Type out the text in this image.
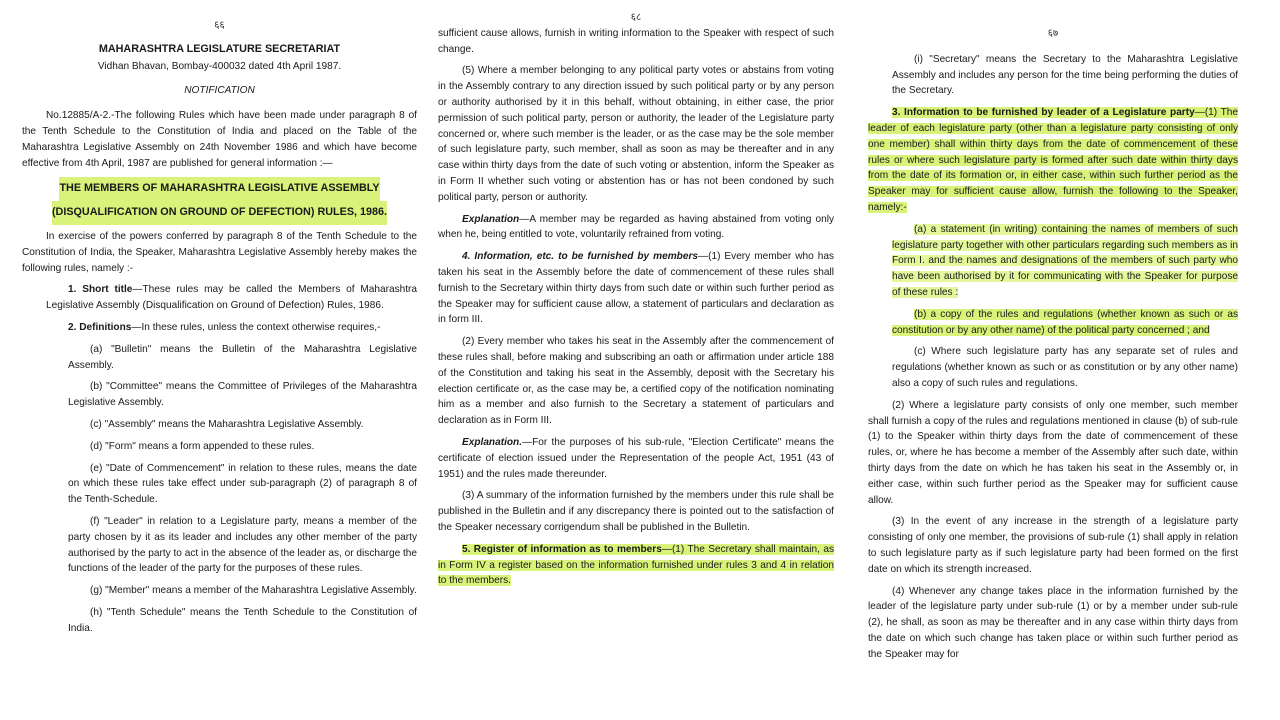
६६
MAHARASHTRA LEGISLATURE SECRETARIAT
Vidhan Bhavan, Bombay-400032 dated 4th April 1987.
NOTIFICATION

No.12885/A-2.-The following Rules which have been made under paragraph 8 of the Tenth Schedule to the Constitution of India and placed on the Table of the Maharashtra Legislative Assembly on 24th November 1986 and which have become effective from 4th April, 1987 are published for general information :—

THE MEMBERS OF MAHARASHTRA LEGISLATIVE ASSEMBLY
(DISQUALIFICATION ON GROUND OF DEFECTION) RULES, 1986.

In exercise of the powers conferred by paragraph 8 of the Tenth Schedule to the Constitution of India, the Speaker, Maharashtra Legislative Assembly hereby makes the following rules, namely :-

1. Short title—These rules may be called the Members of Maharashtra Legislative Assembly (Disqualification on Ground of Defection) Rules, 1986.

2. Definitions—In these rules, unless the context otherwise requires,-

(a) "Bulletin" means the Bulletin of the Maharashtra Legislative Assembly.

(b) "Committee" means the Committee of Privileges of the Maharashtra Legislative Assembly.

(c) "Assembly" means the Maharashtra Legislative Assembly.

(d) "Form" means a form appended to these rules.

(e) "Date of Commencement" in relation to these rules, means the date on which these rules take effect under sub-paragraph (2) of paragraph 8 of the Tenth-Schedule.

(f) "Leader" in relation to a Legislature party, means a member of the party chosen by it as its leader and includes any other member of the party authorised by the party to act in the absence of the leader as, or discharge the functions of the leader of the party for the purposes of these rules.

(g) "Member" means a member of the Maharashtra Legislative Assembly.

(h) "Tenth Schedule" means the Tenth Schedule to the Constitution of India.

६८

sufficient cause allows, furnish in writing information to the Speaker with respect of such change.

(5) Where a member belonging to any political party votes or abstains from voting in the Assembly contrary to any direction issued by such political party or by any person or authority authorised by it in this behalf, without obtaining, in either case, the prior permission of such political party, person or authority, the leader of the Legislature party concerned or, where such member is the leader, or as the case may be the sole member of such legislature party, such member, shall as soon as may be thereafter and in any case within thirty days from the date of such voting or abstention, inform the Speaker as in Form II whether such voting or abstention has or has not been condoned by such political party, person or authority.

Explanation—A member may be regarded as having abstained from voting only when he, being entitled to vote, voluntarily refrained from voting.

4. Information, etc. to be furnished by members—(1) Every member who has taken his seat in the Assembly before the date of commencement of these rules shall furnish to the Secretary within thirty days from such date or within such further period as the Speaker may for sufficient cause allow, a statement of particulars and declaration as in form III.

(2) Every member who takes his seat in the Assembly after the commencement of these rules shall, before making and subscribing an oath or affirmation under article 188 of the Constitution and taking his seat in the Assembly, deposit with the Secretary his election certificate or, as the case may be, a certified copy of the notification nominating him as a member and also furnish to the Secretary a statement of particulars and declaration as in Form III.

Explanation.—For the purposes of his sub-rule, "Election Certificate" means the certificate of election issued under the Representation of the people Act, 1951 (43 of 1951) and the rules made thereunder.

(3) A summary of the information furnished by the members under this rule shall be published in the Bulletin and if any discrepancy there is pointed out to the satisfaction of the Speaker necessary corrigendum shall be published in the Bulletin.

5. Register of information as to members—(1) The Secretary shall maintain, as in Form IV a register based on the information furnished under rules 3 and 4 in relation to the members.

६७

(i) "Secretary" means the Secretary to the Maharashtra Legislative Assembly and includes any person for the time being performing the duties of the Secretary.

3. Information to be furnished by leader of a Legislature party—(1) The leader of each legislature party (other than a legislature party consisting of only one member) shall within thirty days from the date of commencement of these rules or where such legislature party is formed after such date within thirty days from the date of its formation or, in either case, within such further period as the Speaker may for sufficient cause allow, furnish the following to the Speaker, namely:-

(a) a statement (in writing) containing the names of members of such legislature party together with other particulars regarding such members as in Form I. and the names and designations of the members of such party who have been authorised by it for communicating with the Speaker for purpose of these rules :

(b) a copy of the rules and regulations (whether known as such or as constitution or by any other name) of the political party concerned ; and

(c) Where such legislature party has any separate set of rules and regulations (whether known as such or as constitution or by any other name) also a copy of such rules and regulations.

(2) Where a legislature party consists of only one member, such member shall furnish a copy of the rules and regulations mentioned in clause (b) of sub-rule (1) to the Speaker within thirty days from the date of commencement of these rules, or, where he has become a member of the Assembly after such date, within thirty days from the date on which he has taken his seat in the Assembly or, in either case, within such further period as the Speaker may for sufficient cause allow.

(3) In the event of any increase in the strength of a legislature party consisting of only one member, the provisions of sub-rule (1) shall apply in relation to such legislature party as if such legislature party had been formed on the first date on which its strength increased.

(4) Whenever any change takes place in the information furnished by the leader of the legislature party under sub-rule (1) or by a member under sub-rule (2), he shall, as soon as may be thereafter and in any case within thirty days from the date on which such change has taken place or within such further period as the Speaker may for
